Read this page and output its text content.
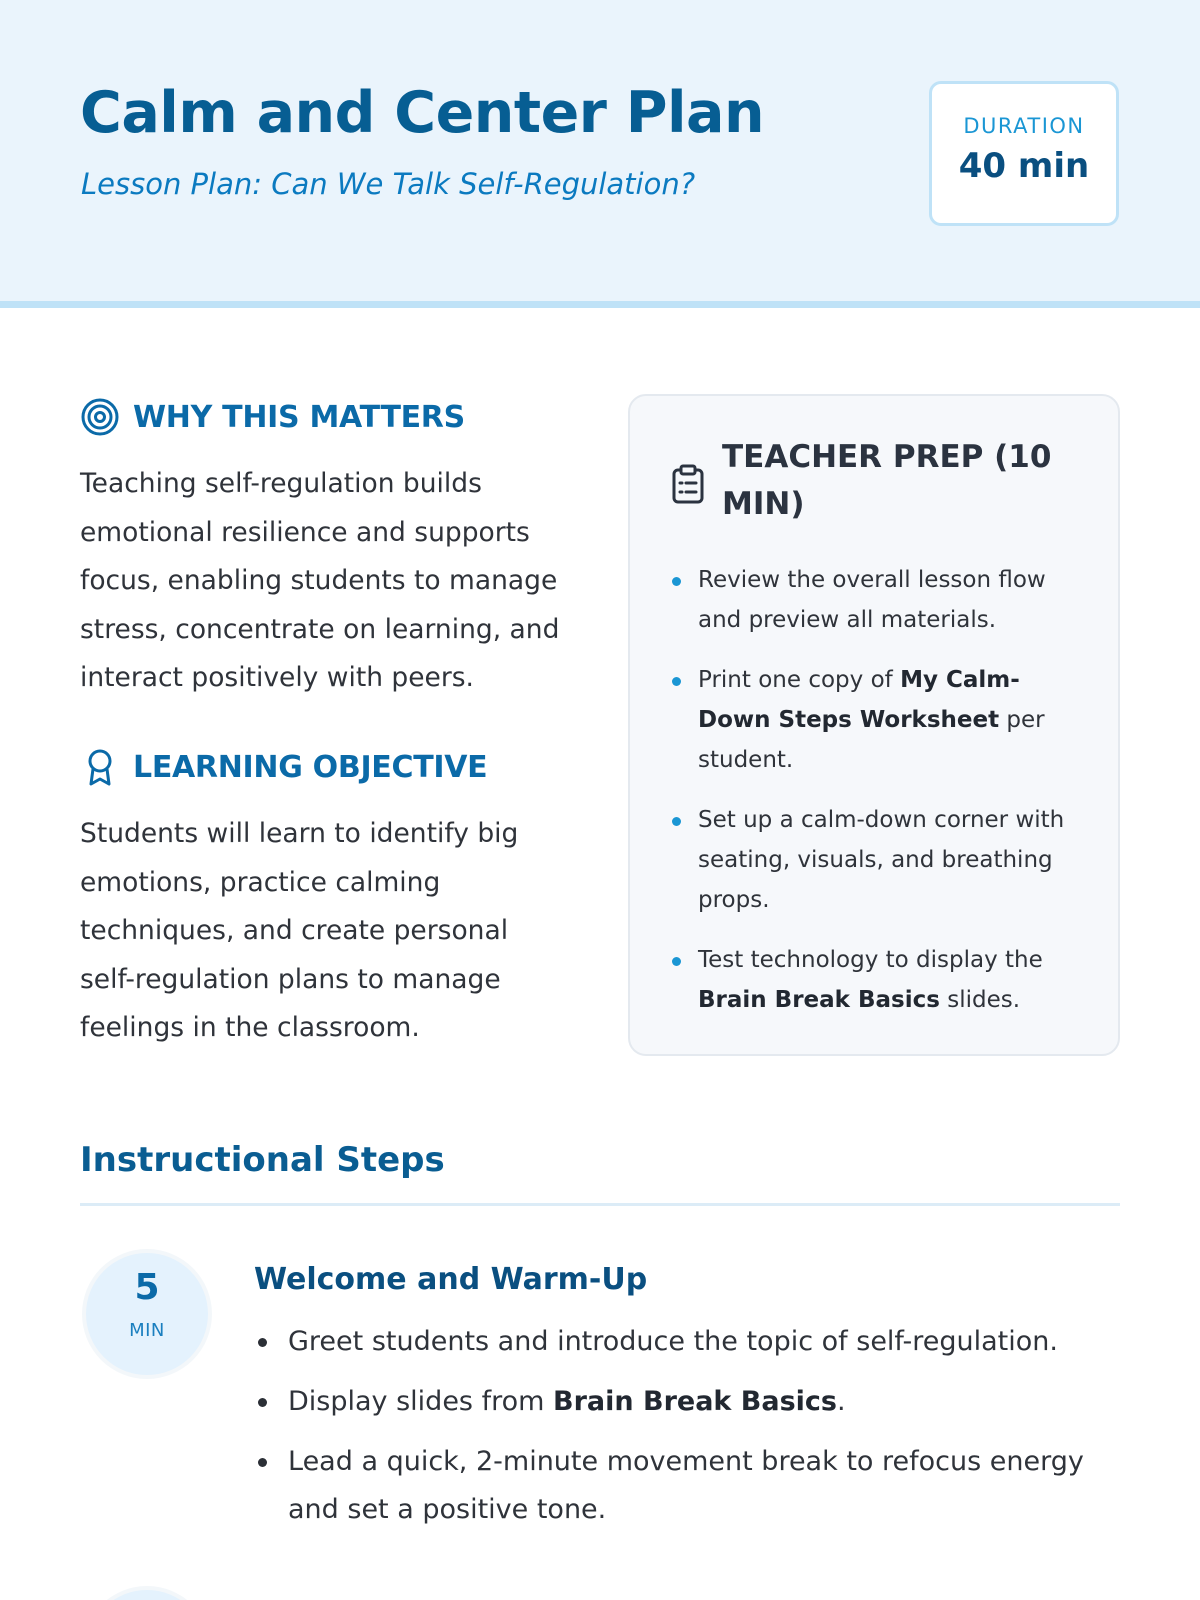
Calm and Center Plan
Lesson Plan: Can We Talk Self-Regulation?
DURATION
40 min
WHY THIS MATTERS

Teaching self-regulation builds emotional resilience and supports focus, enabling students to manage stress, concentrate on learning, and interact positively with peers.

LEARNING OBJECTIVE

Students will learn to identify big emotions, practice calming techniques, and create personal self-regulation plans to manage feelings in the classroom.

TEACHER PREP (10 MIN)
Review the overall lesson flow and preview all materials.
Print one copy of My Calm-Down Steps Worksheet per student.
Set up a calm-down corner with seating, visuals, and breathing props.
Test technology to display the Brain Break Basics slides.
Instructional Steps
5
MIN
Welcome and Warm-Up
Greet students and introduce the topic of self-regulation.
Display slides from Brain Break Basics.
Lead a quick, 2-minute movement break to refocus energy and set a positive tone.
